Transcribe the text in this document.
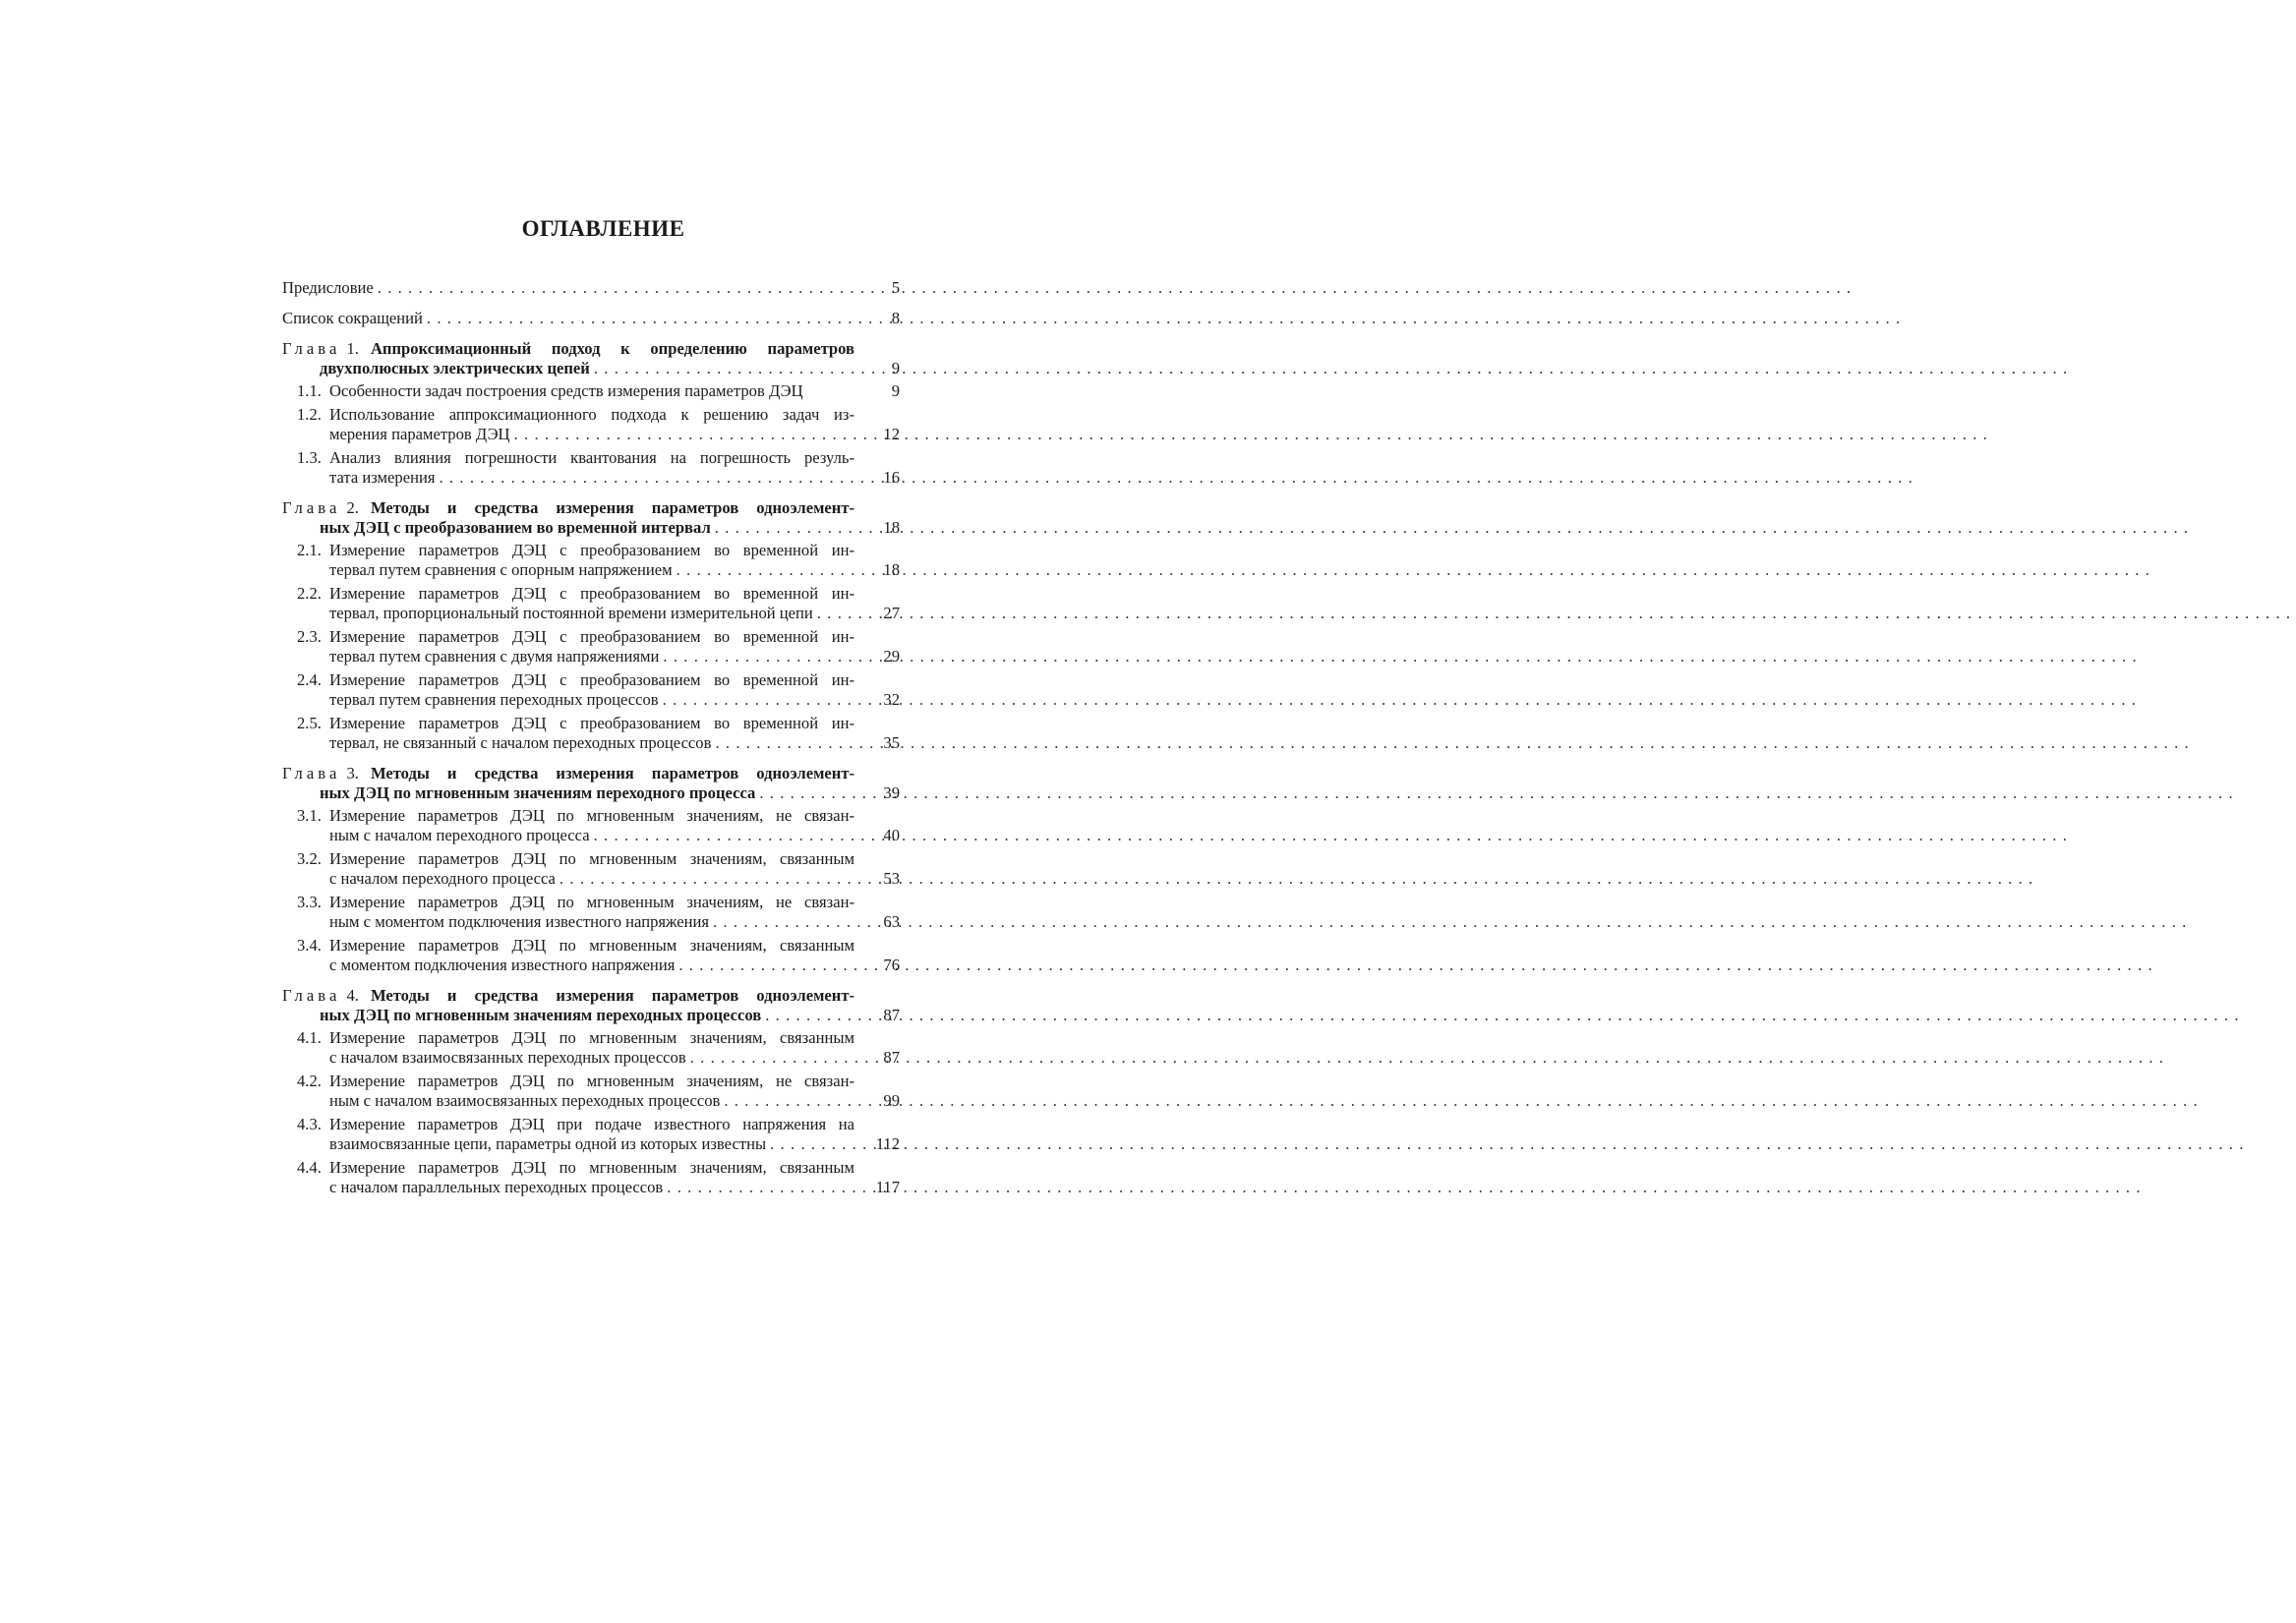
ОГЛАВЛЕНИЕ
Предисловие .....	5
Список сокращений .....	8
Глава 1. Аппроксимационный подход к определению параметров
двухполюсных электрических цепей .....	9
1.1. Особенности задач построения средств измерения параметров ДЭЦ	9
1.2. Использование аппроксимационного подхода к решению задач из-
мерения параметров ДЭЦ .....	12
1.3. Анализ влияния погрешности квантования на погрешность резуль-
тата измерения .....	16
Глава 2. Методы и средства измерения параметров одноэлемент-
ных ДЭЦ с преобразованием во временной интервал .....	18
2.1. Измерение параметров ДЭЦ с преобразованием во временной ин-
тервал путем сравнения с опорным напряжением .....	18
2.2. Измерение параметров ДЭЦ с преобразованием во временной ин-
тервал, пропорциональный постоянной времени измерительной цепи .....	27
2.3. Измерение параметров ДЭЦ с преобразованием во временной ин-
тервал путем сравнения с двумя напряжениями .....	29
2.4. Измерение параметров ДЭЦ с преобразованием во временной ин-
тервал путем сравнения переходных процессов .....	32
2.5. Измерение параметров ДЭЦ с преобразованием во временной ин-
тервал, не связанный с началом переходных процессов .....	35
Глава 3. Методы и средства измерения параметров одноэлемент-
ных ДЭЦ по мгновенным значениям переходного процесса .....	39
3.1. Измерение параметров ДЭЦ по мгновенным значениям, не связан-
ным с началом переходного процесса .....	40
3.2. Измерение параметров ДЭЦ по мгновенным значениям, связанным
с началом переходного процесса .....	53
3.3. Измерение параметров ДЭЦ по мгновенным значениям, не связан-
ным с моментом подключения известного напряжения .....	63
3.4. Измерение параметров ДЭЦ по мгновенным значениям, связанным
с моментом подключения известного напряжения .....	76
Глава 4. Методы и средства измерения параметров одноэлемент-
ных ДЭЦ по мгновенным значениям переходных процессов .....	87
4.1. Измерение параметров ДЭЦ по мгновенным значениям, связанным
с началом взаимосвязанных переходных процессов .....	87
4.2. Измерение параметров ДЭЦ по мгновенным значениям, не связан-
ным с началом взаимосвязанных переходных процессов .....	99
4.3. Измерение параметров ДЭЦ при подаче известного напряжения на
взаимосвязанные цепи, параметры одной из которых известны .....	112
4.4. Измерение параметров ДЭЦ по мгновенным значениям, связанным
с началом параллельных переходных процессов .....	117
